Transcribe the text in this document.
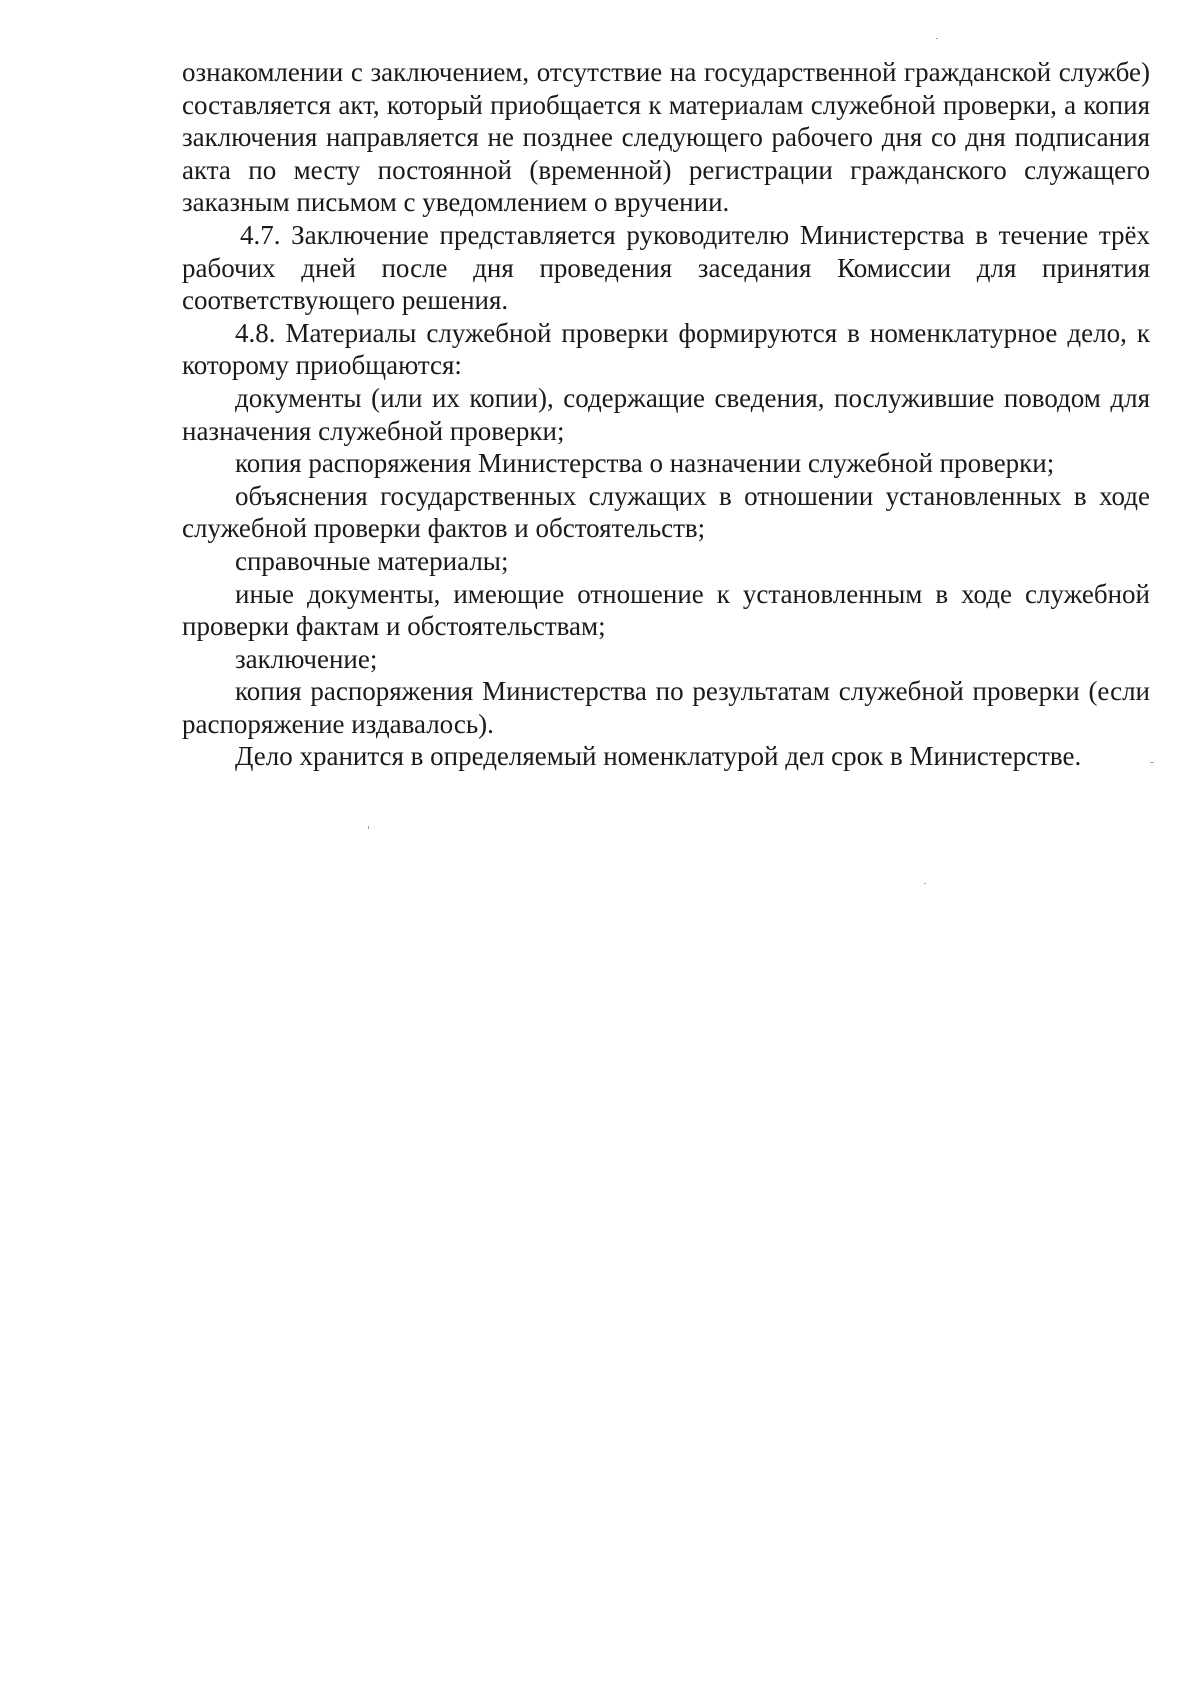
ознакомлении с заключением, отсутствие на государственной гражданской службе) составляется акт, который приобщается к материалам служебной проверки, а копия заключения направляется не позднее следующего рабочего дня со дня подписания акта по месту постоянной (временной) регистрации гражданского служащего заказным письмом с уведомлением о вручении.

4.7. Заключение представляется руководителю Министерства в течение трёх рабочих дней после дня проведения заседания Комиссии для принятия соответствующего решения.

4.8. Материалы служебной проверки формируются в номенклатурное дело, к которому приобщаются:

документы (или их копии), содержащие сведения, послужившие поводом для назначения служебной проверки;

копия распоряжения Министерства о назначении служебной проверки;

объяснения государственных служащих в отношении установленных в ходе служебной проверки фактов и обстоятельств;

справочные материалы;

иные документы, имеющие отношение к установленным в ходе служебной проверки фактам и обстоятельствам;

заключение;

копия распоряжения Министерства по результатам служебной проверки (если распоряжение издавалось).

Дело хранится в определяемый номенклатурой дел срок в Министерстве.
